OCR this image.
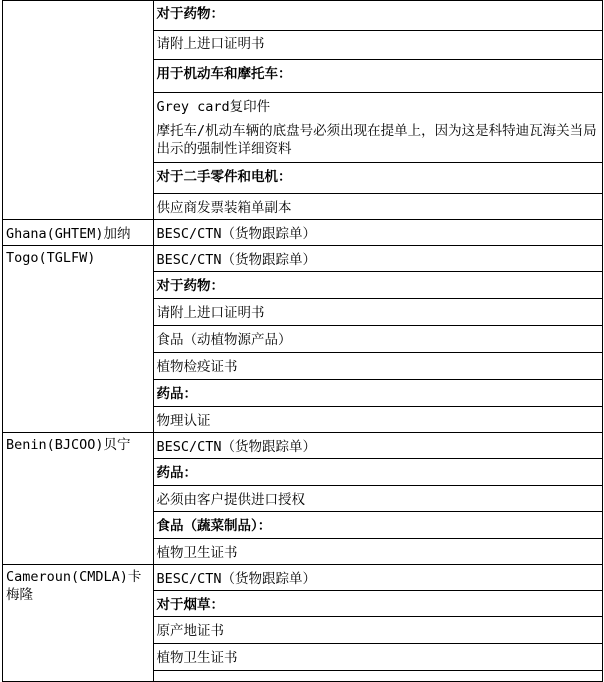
	对于药物：
	请附上进口证明书
	用于机动车和摩托车：
	Grey card复印件
	摩托车/机动车辆的底盘号必须出现在提单上，因为这是科特迪瓦海关当局出示的强制性详细资料
	对于二手零件和电机：
	供应商发票装箱单副本
Ghana(GHTEM)加纳	BESC/CTN（货物跟踪单）
Togo(TGLFW)	BESC/CTN（货物跟踪单）
	对于药物：
	请附上进口证明书
	食品（动植物源产品）
	植物检疫证书
	药品：
	物理认证
Benin(BJCOO)贝宁	BESC/CTN（货物跟踪单）
	药品：
	必须由客户提供进口授权
	食品（蔬菜制品）：
	植物卫生证书
Cameroun(CMDLA)卡梅隆	BESC/CTN（货物跟踪单）
	对于烟草：
	原产地证书
	植物卫生证书
